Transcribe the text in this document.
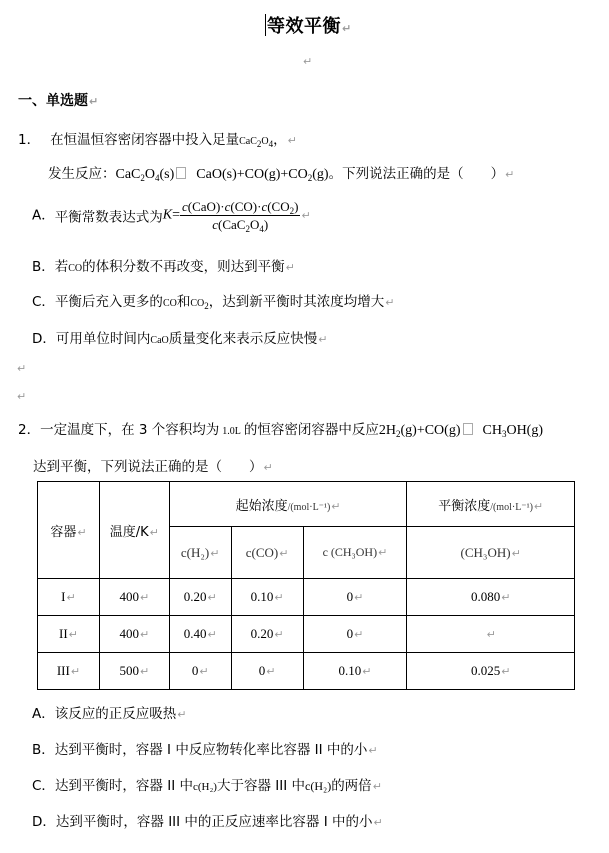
等效平衡↵
↵
一、单选题↵
1． 在恒温恒容密闭容器中投入足量$CaC_2O_4$，↵
发生反应：$CaC_2O_4(s)$ $CaO(s)+CO(g)+CO_2(g)$。下列说法正确的是（　　）↵
A．平衡常数表达式为$K= \frac{c(CaO)\cdot c(CO)\cdot c(CO_2)}{c(CaC_2O_4)}$ ↵
B．若CO的体积分数不再改变，则达到平衡↵
C．平衡后充入更多的CO和$CO_2$，达到新平衡时其浓度均增大↵
D．可用单位时间内CaO质量变化来表示反应快慢↵
↵
↵
2．一定温度下，在 3 个容积均为 1.0L 的恒容密闭容器中反应$2H_2(g)+CO(g)$ $CH_3OH(g)$
达到平衡，下列说法正确的是（　　）↵
容器↵	温度/K↵	起始浓度/(mol·L⁻¹)↵			平衡浓度/(mol·L⁻¹)↵
		c(H₂)↵	c(CO)↵	c (CH₃OH)↵	(CH₃OH)↵
I↵	400↵	0.20↵	0.10↵	0↵	0.080↵
II↵	400↵	0.40↵	0.20↵	0↵	↵
III↵	500↵	0↵	0↵	0.10↵	0.025↵
A．该反应的正反应吸热↵
B．达到平衡时，容器 I 中反应物转化率比容器 II 中的小↵
C．达到平衡时，容器 II 中c(H₂)大于容器 III 中c(H₂)的两倍↵
D．达到平衡时，容器 III 中的正反应速率比容器 I 中的小↵
